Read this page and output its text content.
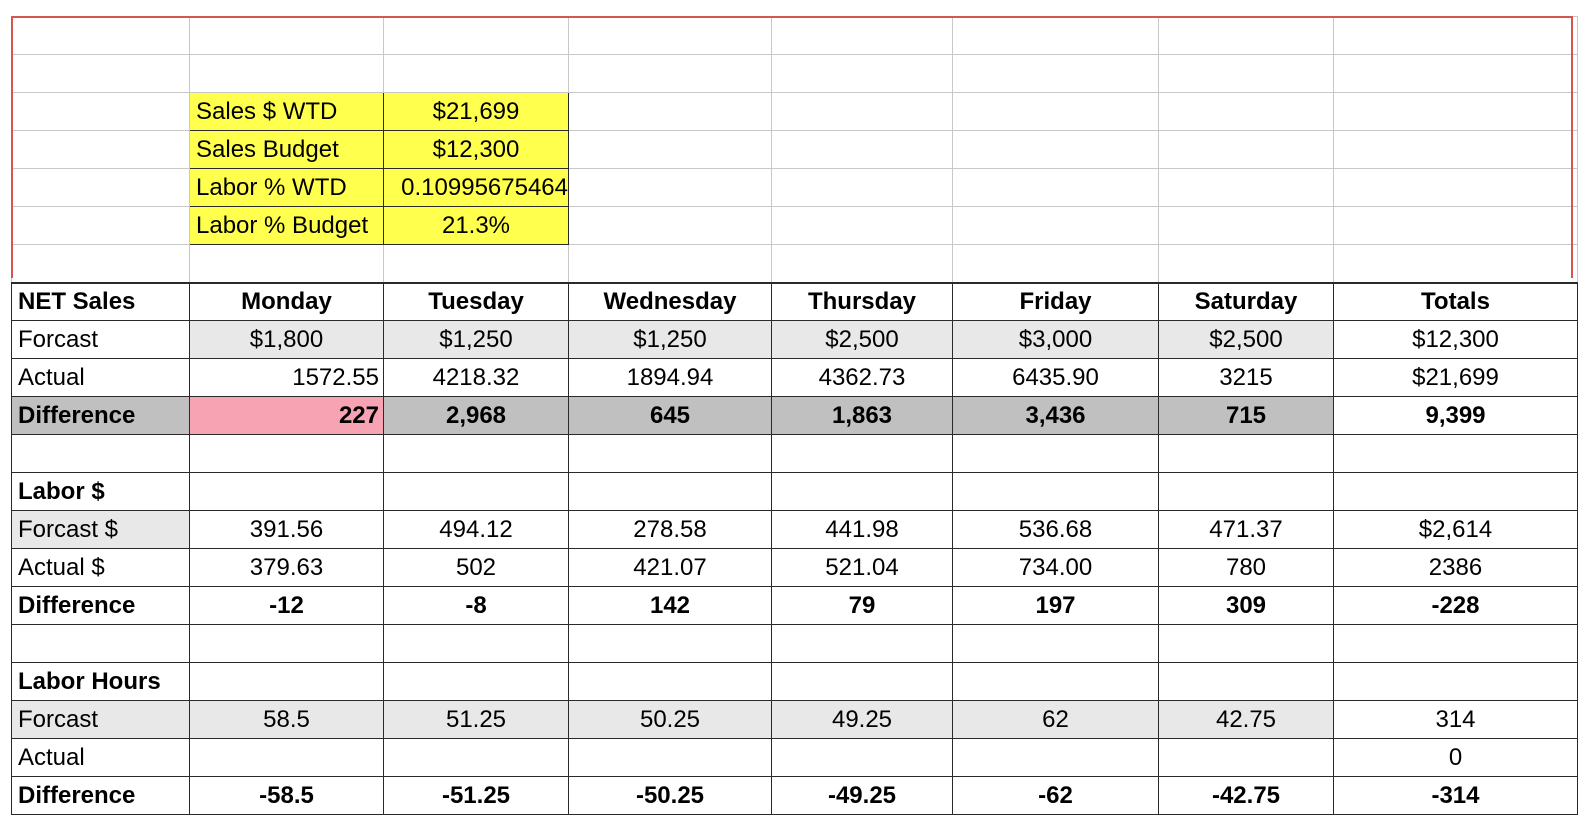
	Sales $ WTD	$21,699					
	Sales Budget	$12,300					
	Labor % WTD	0.10995675464					
	Labor % Budget	21.3%					

NET Sales	Monday	Tuesday	Wednesday	Thursday	Friday	Saturday	Totals
Forcast	$1,800	$1,250	$1,250	$2,500	$3,000	$2,500	$12,300
Actual	1572.55	4218.32	1894.94	4362.73	6435.90	3215	$21,699
Difference	227	2,968	645	1,863	3,436	715	9,399

Labor $							
Forcast $	391.56	494.12	278.58	441.98	536.68	471.37	$2,614
Actual $	379.63	502	421.07	521.04	734.00	780	2386
Difference	-12	-8	142	79	197	309	-228

Labor Hours							
Forcast	58.5	51.25	50.25	49.25	62	42.75	314
Actual							0
Difference	-58.5	-51.25	-50.25	-49.25	-62	-42.75	-314
